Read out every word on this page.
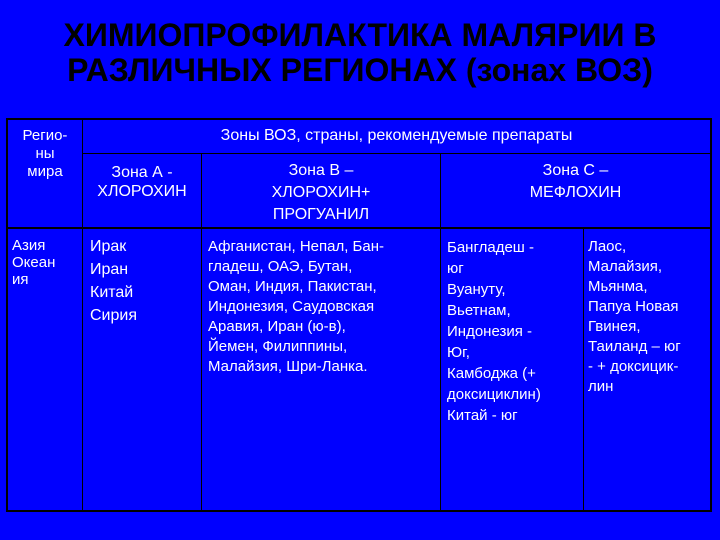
ХИМИОПРОФИЛАКТИКА МАЛЯРИИ В
РАЗЛИЧНЫХ РЕГИОНАХ (зонах ВОЗ)
Регио-
ны
мира
Зоны ВОЗ, страны, рекомендуемые препараты
Зона А -
ХЛОРОХИН
Зона В –
ХЛОРОХИН+
ПРОГУАНИЛ
Зона С –
МЕФЛОХИН
Азия
Океан
ия
Ирак
Иран
Китай
Сирия
Афганистан, Непал, Бан-
гладеш, ОАЭ, Бутан,
Оман, Индия, Пакистан,
Индонезия, Саудовская
Аравия, Иран (ю-в),
Йемен, Филиппины,
Малайзия, Шри-Ланка.
Бангладеш -
юг
Вуануту,
Вьетнам,
Индонезия -
Юг,
Камбоджа (+
доксициклин)
Китай - юг
Лаос,
Малайзия,
Мьянма,
Папуа Новая
Гвинея,
Таиланд – юг
- + доксицик-
лин
